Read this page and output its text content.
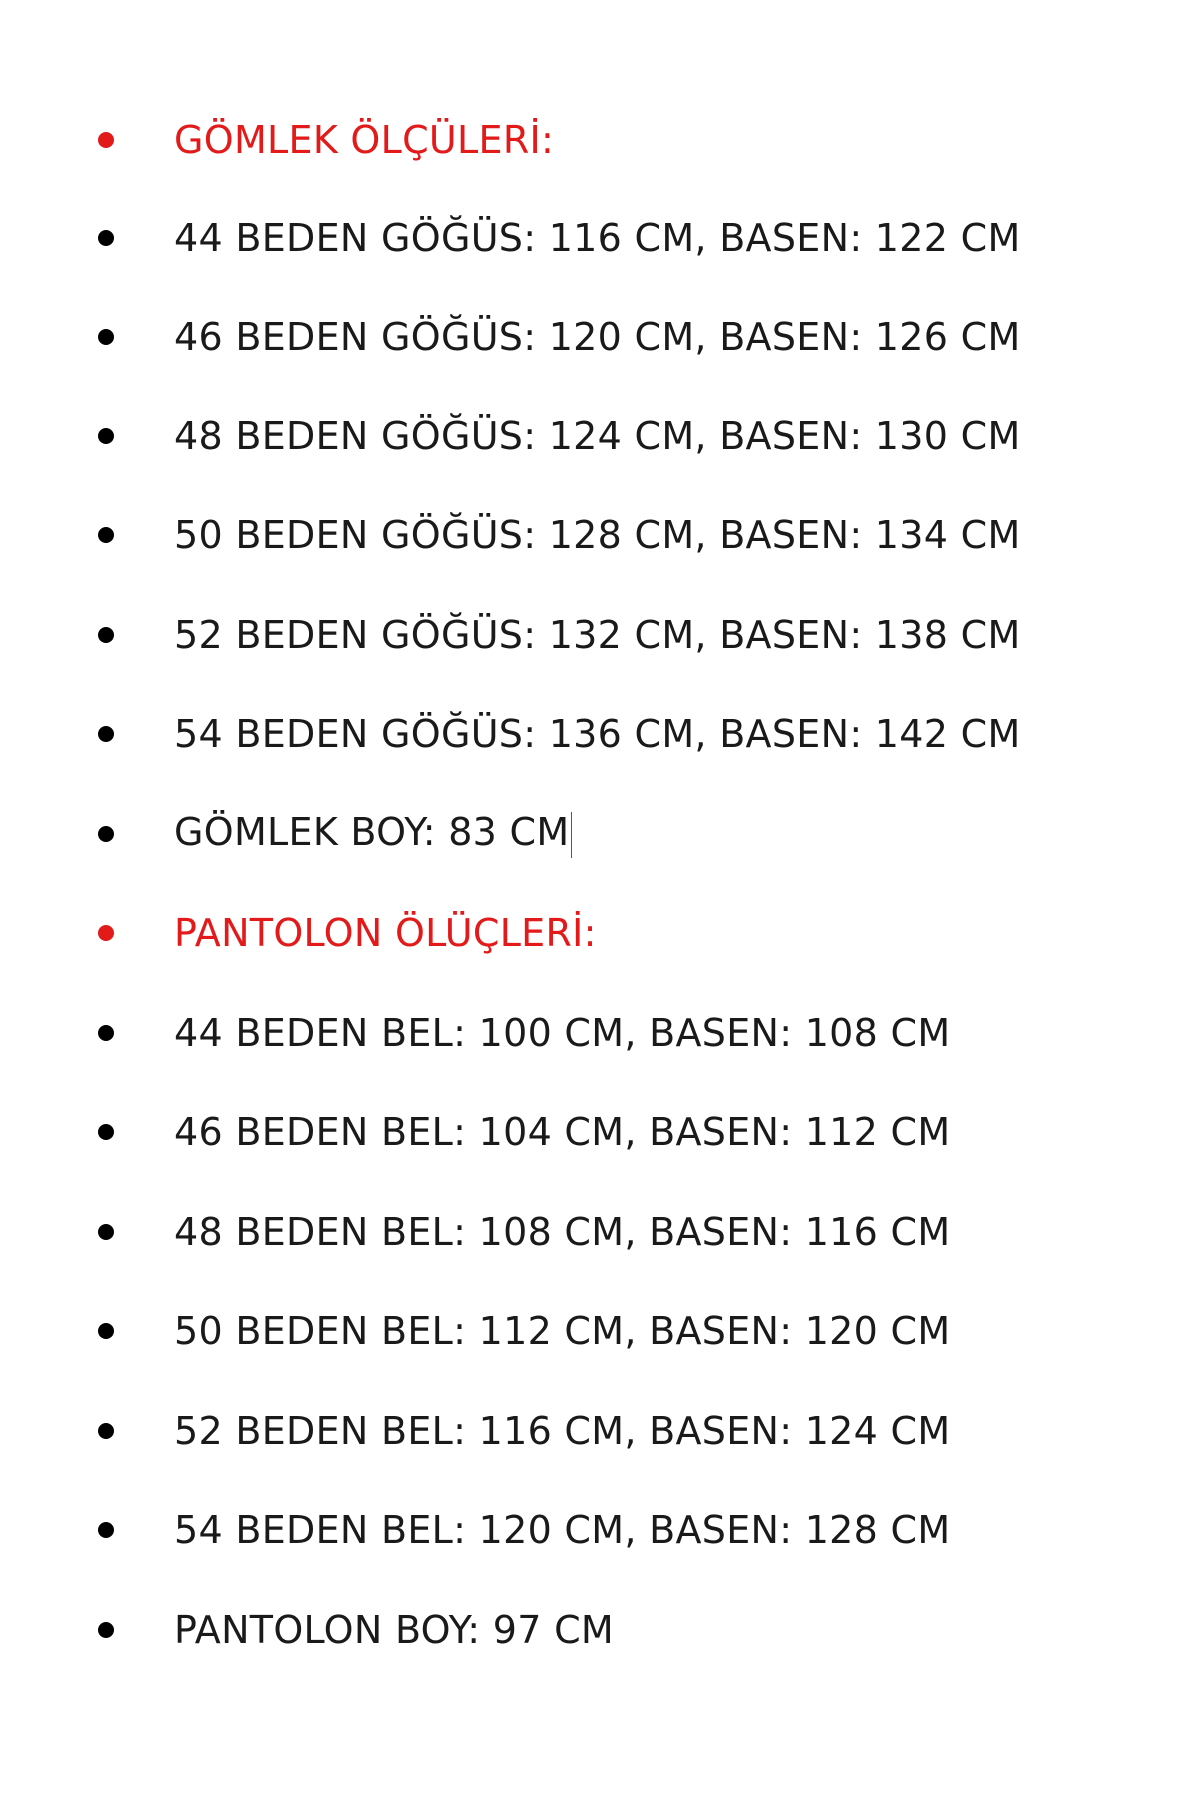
GÖMLEK ÖLÇÜLERİ:
44 BEDEN GÖĞÜS: 116 CM, BASEN: 122 CM
46 BEDEN GÖĞÜS: 120 CM, BASEN: 126 CM
48 BEDEN GÖĞÜS: 124 CM, BASEN: 130 CM
50 BEDEN GÖĞÜS: 128 CM, BASEN: 134 CM
52 BEDEN GÖĞÜS: 132 CM, BASEN: 138 CM
54 BEDEN GÖĞÜS: 136 CM, BASEN: 142 CM
GÖMLEK BOY: 83 CM
PANTOLON ÖLÜÇLERİ:
44 BEDEN BEL: 100 CM, BASEN: 108 CM
46 BEDEN BEL: 104 CM, BASEN: 112 CM
48 BEDEN BEL: 108 CM, BASEN: 116 CM
50 BEDEN BEL: 112 CM, BASEN: 120 CM
52 BEDEN BEL: 116 CM, BASEN: 124 CM
54 BEDEN BEL: 120 CM, BASEN: 128 CM
PANTOLON BOY: 97 CM
